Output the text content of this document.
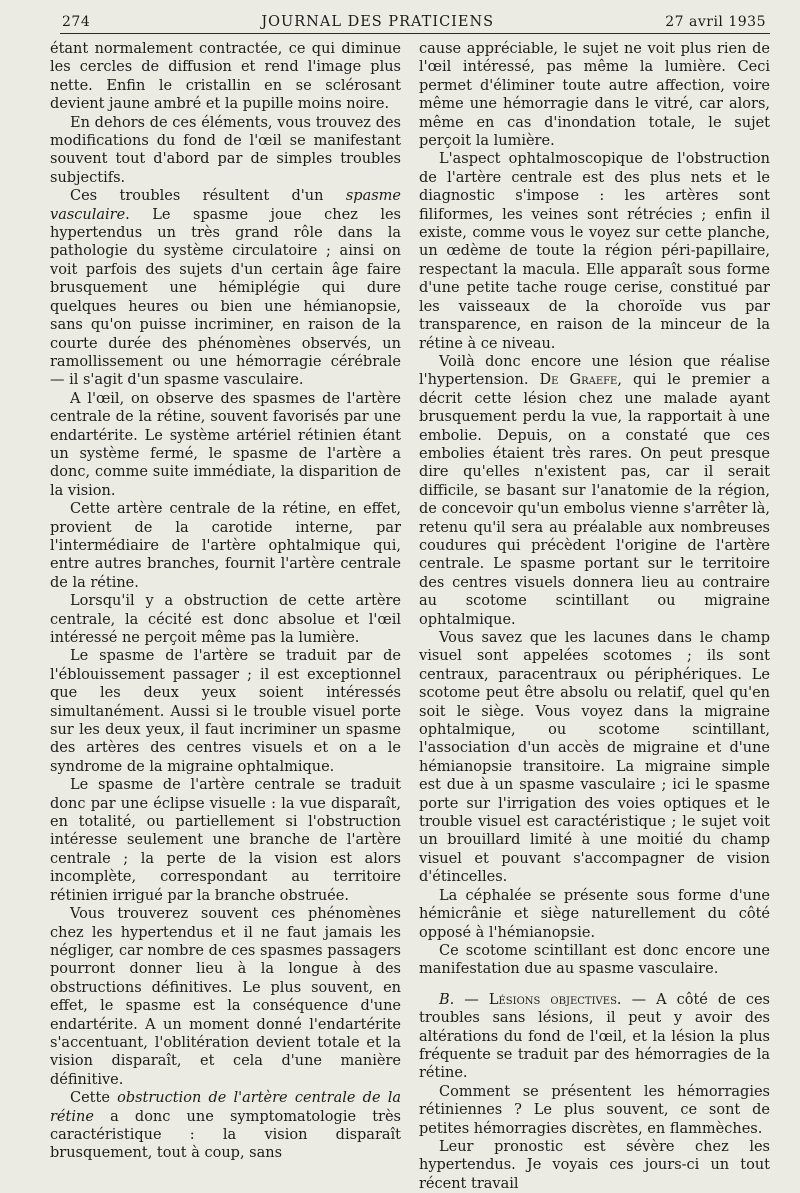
274	JOURNAL DES PRATICIENS	27 avril 1935

étant normalement contractée, ce qui diminue les cercles de diffusion et rend l'image plus nette. Enfin le cristallin en se sclérosant devient jaune ambré et la pupille moins noire.

En dehors de ces éléments, vous trouvez des modifications du fond de l'œil se manifestant souvent tout d'abord par de simples troubles subjectifs.

Ces troubles résultent d'un spasme vasculaire. Le spasme joue chez les hypertendus un très grand rôle dans la pathologie du système circulatoire ; ainsi on voit parfois des sujets d'un certain âge faire brusquement une hémiplégie qui dure quelques heures ou bien une hémianopsie, sans qu'on puisse incriminer, en raison de la courte durée des phénomènes observés, un ramollissement ou une hémorragie cérébrale — il s'agit d'un spasme vasculaire.

A l'œil, on observe des spasmes de l'artère centrale de la rétine, souvent favorisés par une endartérite. Le système artériel rétinien étant un système fermé, le spasme de l'artère a donc, comme suite immédiate, la disparition de la vision.

Cette artère centrale de la rétine, en effet, provient de la carotide interne, par l'intermédiaire de l'artère ophtalmique qui, entre autres branches, fournit l'artère centrale de la rétine.

Lorsqu'il y a obstruction de cette artère centrale, la cécité est donc absolue et l'œil intéressé ne perçoit même pas la lumière.

Le spasme de l'artère se traduit par de l'éblouissement passager ; il est exceptionnel que les deux yeux soient intéressés simultanément. Aussi si le trouble visuel porte sur les deux yeux, il faut incriminer un spasme des artères des centres visuels et on a le syndrome de la migraine ophtalmique.

Le spasme de l'artère centrale se traduit donc par une éclipse visuelle : la vue disparaît, en totalité, ou partiellement si l'obstruction intéresse seulement une branche de l'artère centrale ; la perte de la vision est alors incomplète, correspondant au territoire rétinien irrigué par la branche obstruée.

Vous trouverez souvent ces phénomènes chez les hypertendus et il ne faut jamais les négliger, car nombre de ces spasmes passagers pourront donner lieu à la longue à des obstructions définitives. Le plus souvent, en effet, le spasme est la conséquence d'une endartérite. A un moment donné l'endartérite s'accentuant, l'oblitération devient totale et la vision disparaît, et cela d'une manière définitive.

Cette obstruction de l'artère centrale de la rétine a donc une symptomatologie très caractéristique : la vision disparaît brusquement, tout à coup, sans

cause appréciable, le sujet ne voit plus rien de l'œil intéressé, pas même la lumière. Ceci permet d'éliminer toute autre affection, voire même une hémorragie dans le vitré, car alors, même en cas d'inondation totale, le sujet perçoit la lumière.

L'aspect ophtalmoscopique de l'obstruction de l'artère centrale est des plus nets et le diagnostic s'impose : les artères sont filiformes, les veines sont rétrécies ; enfin il existe, comme vous le voyez sur cette planche, un œdème de toute la région péri-papillaire, respectant la macula. Elle apparaît sous forme d'une petite tache rouge cerise, constitué par les vaisseaux de la choroïde vus par transparence, en raison de la minceur de la rétine à ce niveau.

Voilà donc encore une lésion que réalise l'hypertension. De Graefe, qui le premier a décrit cette lésion chez une malade ayant brusquement perdu la vue, la rapportait à une embolie. Depuis, on a constaté que ces embolies étaient très rares. On peut presque dire qu'elles n'existent pas, car il serait difficile, se basant sur l'anatomie de la région, de concevoir qu'un embolus vienne s'arrêter là, retenu qu'il sera au préalable aux nombreuses coudures qui précèdent l'origine de l'artère centrale. Le spasme portant sur le territoire des centres visuels donnera lieu au contraire au scotome scintillant ou migraine ophtalmique.

Vous savez que les lacunes dans le champ visuel sont appelées scotomes ; ils sont centraux, paracentraux ou périphériques. Le scotome peut être absolu ou relatif, quel qu'en soit le siège. Vous voyez dans la migraine ophtalmique, ou scotome scintillant, l'association d'un accès de migraine et d'une hémianopsie transitoire. La migraine simple est due à un spasme vasculaire ; ici le spasme porte sur l'irrigation des voies optiques et le trouble visuel est caractéristique ; le sujet voit un brouillard limité à une moitié du champ visuel et pouvant s'accompagner de vision d'étincelles.

La céphalée se présente sous forme d'une hémicrânie et siège naturellement du côté opposé à l'hémianopsie.

Ce scotome scintillant est donc encore une manifestation due au spasme vasculaire.

B. — Lésions objectives. — A côté de ces troubles sans lésions, il peut y avoir des altérations du fond de l'œil, et la lésion la plus fréquente se traduit par des hémorragies de la rétine.

Comment se présentent les hémorragies rétiniennes ? Le plus souvent, ce sont de petites hémorragies discrètes, en flammèches.

Leur pronostic est sévère chez les hypertendus. Je voyais ces jours-ci un tout récent travail
